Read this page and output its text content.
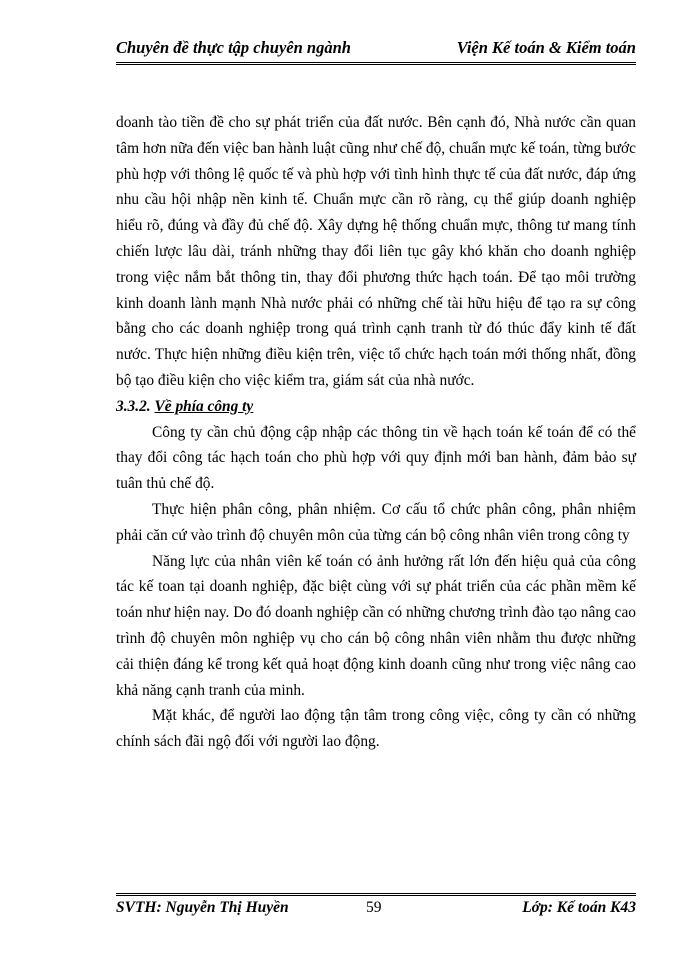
Chuyên đề thực tập chuyên ngành	Viện Kế toán & Kiểm toán

doanh tào tiền đề cho sự phát triển của đất nước. Bên cạnh đó, Nhà nước cần quan tâm hơn nữa đến việc ban hành luật cũng như chế độ, chuẩn mực kế toán, từng bước phù hợp với thông lệ quốc tế và phù hợp với tình hình thực tế của đất nước, đáp ứng nhu cầu hội nhập nền kinh tế. Chuẩn mực cần rõ ràng, cụ thể giúp doanh nghiệp hiểu rõ, đúng và đầy đủ chế độ. Xây dựng hệ thống chuẩn mực, thông tư mang tính chiến lược lâu dài, tránh những thay đổi liên tục gây khó khăn cho doanh nghiệp trong việc nắm bắt thông tin, thay đổi phương thức hạch toán. Để tạo môi trường kinh doanh lành mạnh Nhà nước phải có những chế tài hữu hiệu để tạo ra sự công bằng cho các doanh nghiệp trong quá trình cạnh tranh từ đó thúc đẩy kinh tế đất nước. Thực hiện những điều kiện trên, việc tổ chức hạch toán mới thống nhất, đồng bộ tạo điều kiện cho việc kiểm tra, giám sát của nhà nước.

3.3.2. Về phía công ty

Công ty cần chủ động cập nhập các thông tin về hạch toán kế toán để có thể thay đổi công tác hạch toán cho phù hợp với quy định mới ban hành, đảm bảo sự tuân thủ chế độ.

Thực hiện phân công, phân nhiệm. Cơ cấu tổ chức phân công, phân nhiệm phải căn cứ vào trình độ chuyên môn của từng cán bộ công nhân viên trong công ty

Năng lực của nhân viên kế toán có ảnh hưởng rất lớn đến hiệu quả của công tác kế toan tại doanh nghiệp, đặc biệt cùng với sự phát triển của các phần mềm kế toán như hiện nay. Do đó doanh nghiệp cần có những chương trình đào tạo nâng cao trình độ chuyên môn nghiệp vụ cho cán bộ công nhân viên nhằm thu được những cải thiện đáng kể trong kết quả hoạt động kinh doanh cũng như trong việc nâng cao khả năng cạnh tranh của minh.

Mặt khác, để người lao động tận tâm trong công việc, công ty cần có những chính sách đãi ngộ đối với người lao động.

SVTH: Nguyễn Thị Huyền	59	Lớp: Kế toán K43
